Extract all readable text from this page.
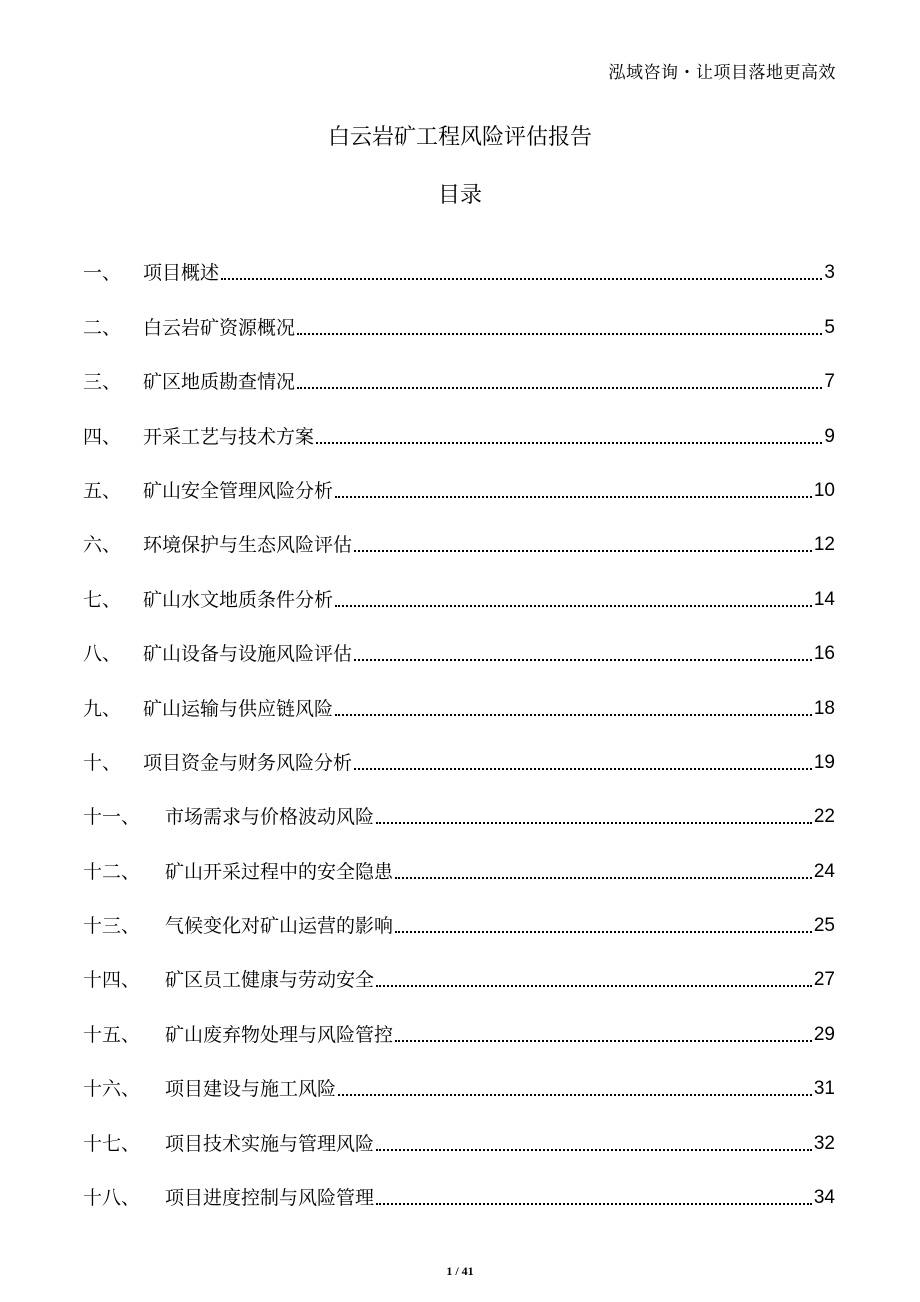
泓域咨询・让项目落地更高效
白云岩矿工程风险评估报告
目录
一、	项目概述	3
二、	白云岩矿资源概况	5
三、	矿区地质勘查情况	7
四、	开采工艺与技术方案	9
五、	矿山安全管理风险分析	10
六、	环境保护与生态风险评估	12
七、	矿山水文地质条件分析	14
八、	矿山设备与设施风险评估	16
九、	矿山运输与供应链风险	18
十、	项目资金与财务风险分析	19
十一、	市场需求与价格波动风险	22
十二、	矿山开采过程中的安全隐患	24
十三、	气候变化对矿山运营的影响	25
十四、	矿区员工健康与劳动安全	27
十五、	矿山废弃物处理与风险管控	29
十六、	项目建设与施工风险	31
十七、	项目技术实施与管理风险	32
十八、	项目进度控制与风险管理	34
1 / 41
